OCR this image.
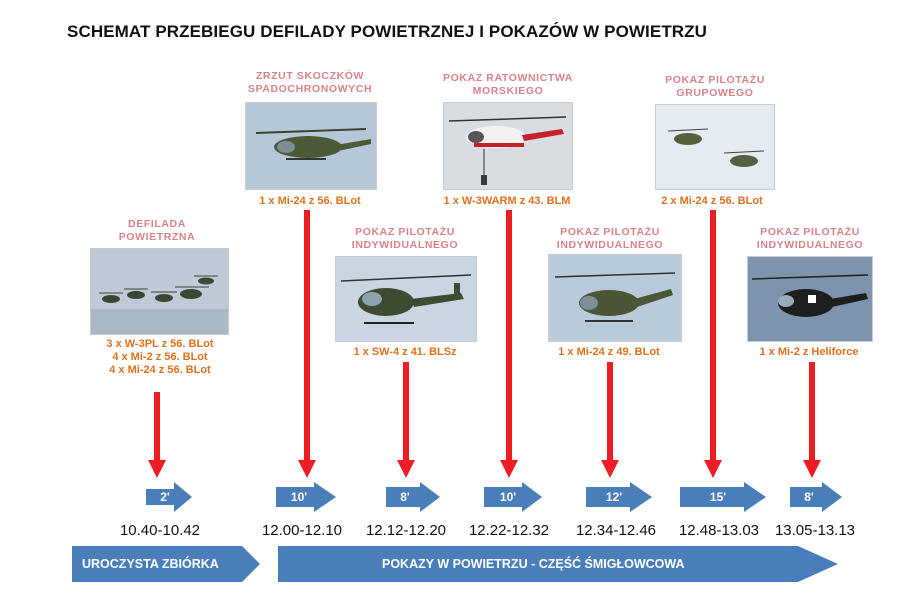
SCHEMAT PRZEBIEGU DEFILADY POWIETRZNEJ I POKAZÓW W POWIETRZU
DEFILADA
POWIETRZNA
3 x W-3PL z 56. BLot
4 x Mi-2 z 56. BLot
4 x Mi-24 z 56. BLot
ZRZUT SKOCZKÓW
SPADOCHRONOWYCH
1 x Mi-24 z 56. BLot
POKAZ PILOTAŻU
INDYWIDUALNEGO
1 x SW-4 z 41. BLSz
POKAZ RATOWNICTWA
MORSKIEGO
1 x W-3WARM z 43. BLM
POKAZ PILOTAŻU
INDYWIDUALNEGO
1 x Mi-24 z 49. BLot
POKAZ PILOTAŻU
GRUPOWEGO
2 x Mi-24 z 56. BLot
POKAZ PILOTAŻU
INDYWIDUALNEGO
1 x Mi-2 z Heliforce
2'	10'	8'	10'	12'	15'	8'
10.40-10.42	12.00-12.10	12.12-12.20	12.22-12.32	12.34-12.46	12.48-13.03	13.05-13.13
UROCZYSTA ZBIÓRKA	POKAZY W POWIETRZU - CZĘŚĆ ŚMIGŁOWCOWA
